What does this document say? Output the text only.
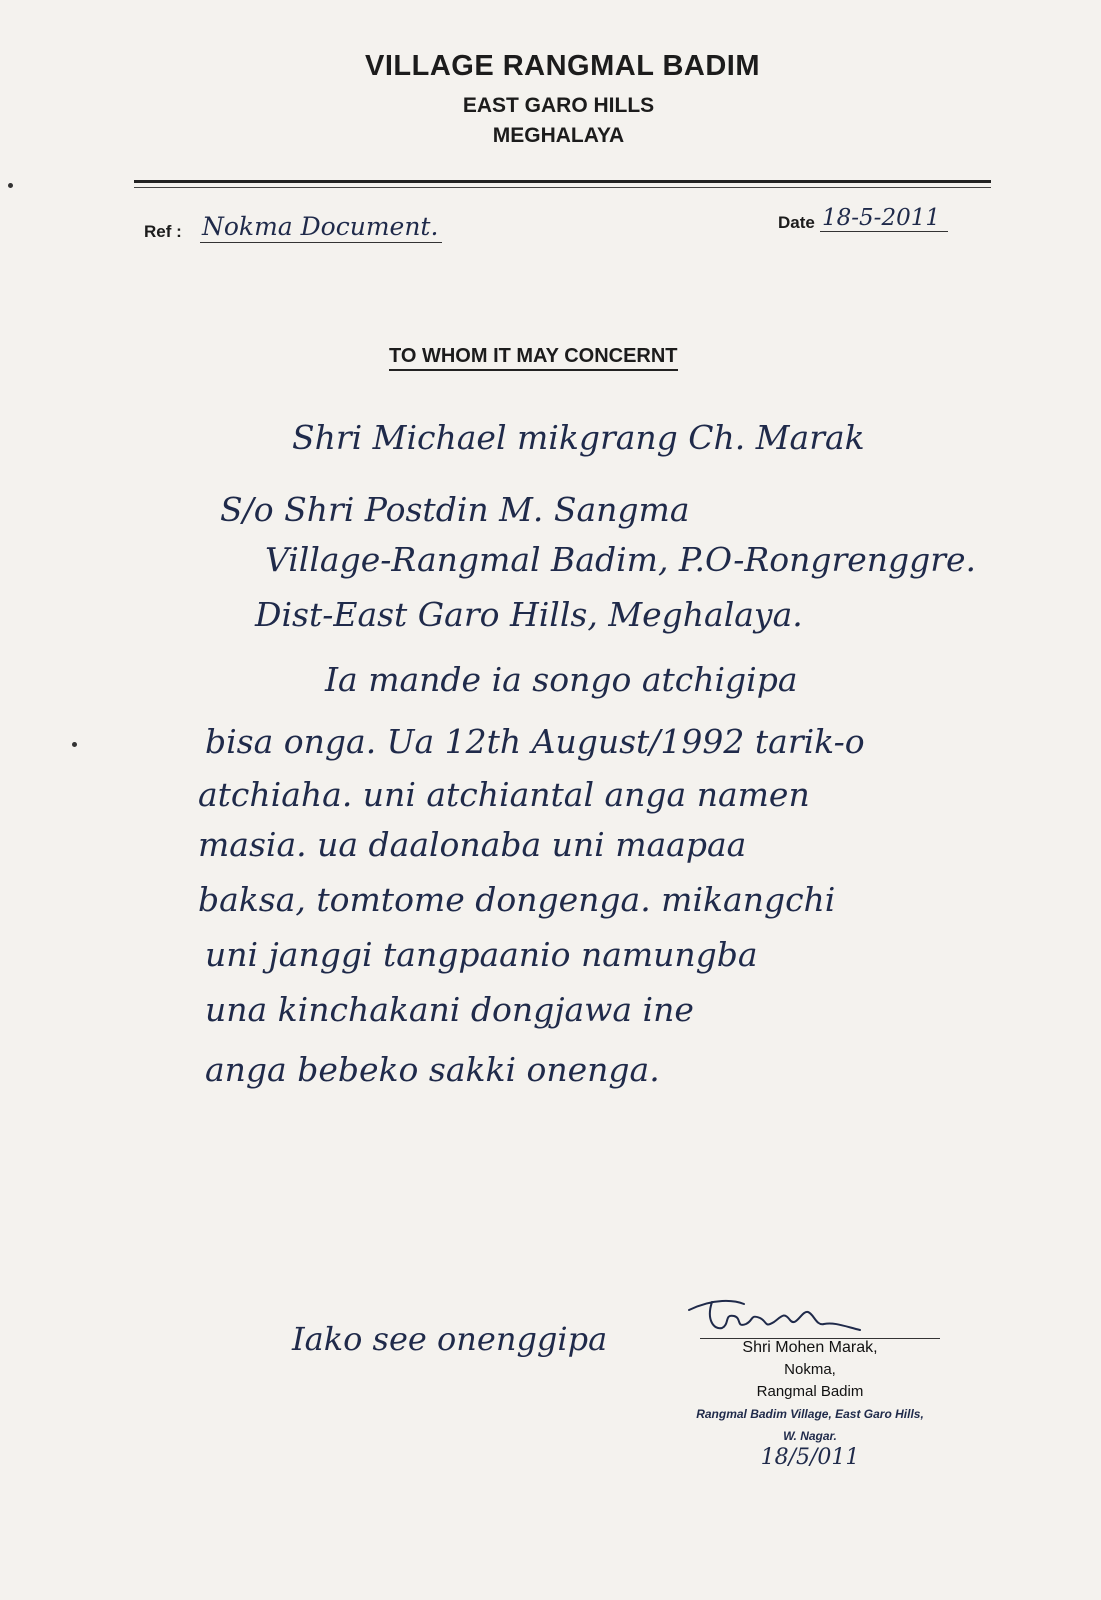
VILLAGE RANGMAL BADIM
EAST GARO HILLS
MEGHALAYA
Ref : Nokma Document.	Date 18-5-2011
TO WHOM IT MAY CONCERNT
Shri Michael mikgrang Ch. Marak
S/o Shri Postdin M. Sangma
Village-Rangmal Badim, P.O-Rongrenggre.
Dist-East Garo Hills, Meghalaya.
Ia mande ia songo atchigipa
bisa onga. Ua 12th August/1992 tarik-o
atchiaha. uni atchiantal anga namen
masia. ua daalonaba uni maapaa
baksa, tomtome dongenga. mikangchi
uni janggi tangpaanio namungba
una kinchakani dongjawa ine
anga bebeko sakki onenga.
Iako see onenggipa	Shri Mohen Marak,
Nokma,
Rangmal Badim
Rangmal Badim Village, East Garo Hills, W. Nagar.
18/5/011
